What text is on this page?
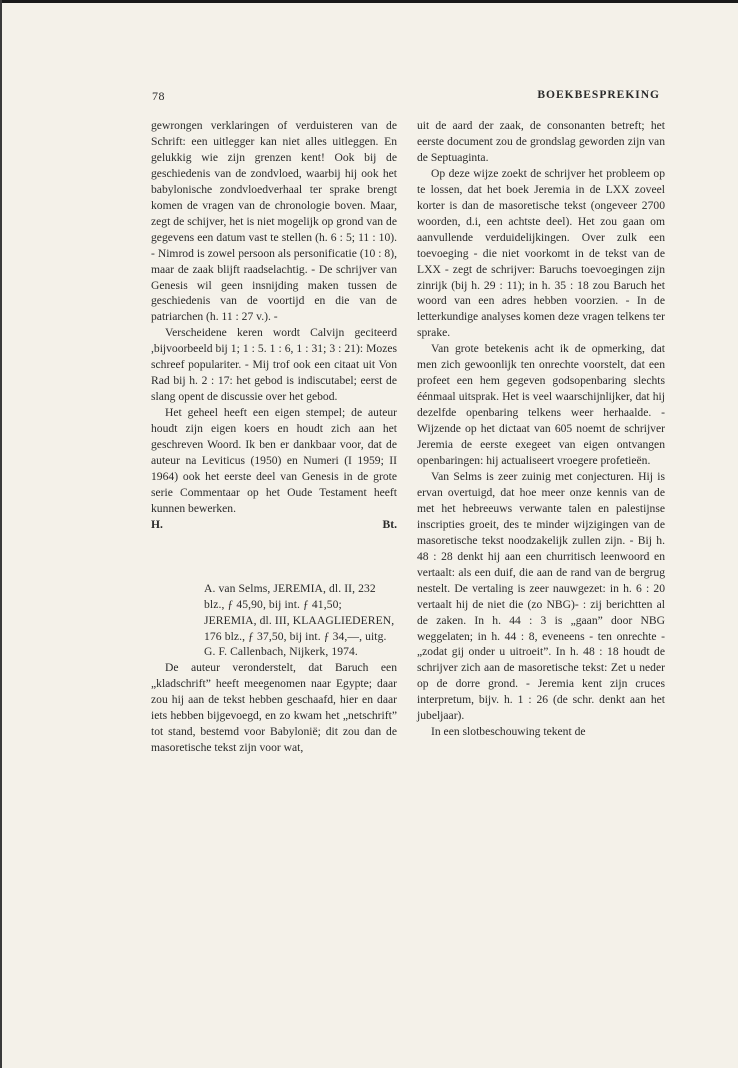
78	BOEKBESPREKING

gewrongen verklaringen of verduisteren van de Schrift: een uitlegger kan niet alles uitleggen. En gelukkig wie zijn grenzen kent! Ook bij de geschiedenis van de zondvloed, waarbij hij ook het babylonische zondvloedverhaal ter sprake brengt komen de vragen van de chronologie boven. Maar, zegt de schijver, het is niet mogelijk op grond van de gegevens een datum vast te stellen (h. 6 : 5; 11 : 10). - Nimrod is zowel persoon als personificatie (10 : 8), maar de zaak blijft raadselachtig. - De schrijver van Genesis wil geen insnijding maken tussen de geschiedenis van de voortijd en die van de patriarchen (h. 11 : 27 v.). -

Verscheidene keren wordt Calvijn geciteerd ,bijvoorbeeld bij 1; 1 : 5. 1 : 6, 1 : 31; 3 : 21): Mozes schreef populariter. - Mij trof ook een citaat uit Von Rad bij h. 2 : 17: het gebod is indiscutabel; eerst de slang opent de discussie over het gebod.

Het geheel heeft een eigen stempel; de auteur houdt zijn eigen koers en houdt zich aan het geschreven Woord. Ik ben er dankbaar voor, dat de auteur na Leviticus (1950) en Numeri (I 1959; II 1964) ook het eerste deel van Genesis in de grote serie Commentaar op het Oude Testament heeft kunnen bewerken.

H.	Bt.

A. van Selms, JEREMIA, dl. II, 232 blz., ƒ 45,90, bij int. ƒ 41,50;

JEREMIA, dl. III, KLAAGLIEDEREN, 176 blz., ƒ 37,50, bij int. ƒ 34,—, uitg. G. F. Callenbach, Nijkerk, 1974.

De auteur veronderstelt, dat Baruch een „kladschrift” heeft meegenomen naar Egypte; daar zou hij aan de tekst hebben geschaafd, hier en daar iets hebben bijgevoegd, en zo kwam het „netschrift” tot stand, bestemd voor Babylonië; dit zou dan de masoretische tekst zijn voor wat,

uit de aard der zaak, de consonanten betreft; het eerste document zou de grondslag geworden zijn van de Septuaginta.

Op deze wijze zoekt de schrijver het probleem op te lossen, dat het boek Jeremia in de LXX zoveel korter is dan de masoretische tekst (ongeveer 2700 woorden, d.i, een achtste deel). Het zou gaan om aanvullende verduidelijkingen. Over zulk een toevoeging - die niet voorkomt in de tekst van de LXX - zegt de schrijver: Baruchs toevoegingen zijn zinrijk (bij h. 29 : 11); in h. 35 : 18 zou Baruch het woord van een adres hebben voorzien. - In de letterkundige analyses komen deze vragen telkens ter sprake.

Van grote betekenis acht ik de opmerking, dat men zich gewoonlijk ten onrechte voorstelt, dat een profeet een hem gegeven godsopenbaring slechts éénmaal uitsprak. Het is veel waarschijnlijker, dat hij dezelfde openbaring telkens weer herhaalde. - Wijzende op het dictaat van 605 noemt de schrijver Jeremia de eerste exegeet van eigen ontvangen openbaringen: hij actualiseert vroegere profetieën.

Van Selms is zeer zuinig met conjecturen. Hij is ervan overtuigd, dat hoe meer onze kennis van de met het hebreeuws verwante talen en palestijnse inscripties groeit, des te minder wijzigingen van de masoretische tekst noodzakelijk zullen zijn. - Bij h. 48 : 28 denkt hij aan een churritisch leenwoord en vertaalt: als een duif, die aan de rand van de bergrug nestelt. De vertaling is zeer nauwgezet: in h. 6 : 20 vertaalt hij de niet die (zo NBG)- : zij berichtten al de zaken. In h. 44 : 3 is „gaan” door NBG weggelaten; in h. 44 : 8, eveneens - ten onrechte - „zodat gij onder u uitroeit”. In h. 48 : 18 houdt de schrijver zich aan de masoretische tekst: Zet u neder op de dorre grond. - Jeremia kent zijn cruces interpretum, bijv. h. 1 : 26 (de schr. denkt aan het jubeljaar).

In een slotbeschouwing tekent de
